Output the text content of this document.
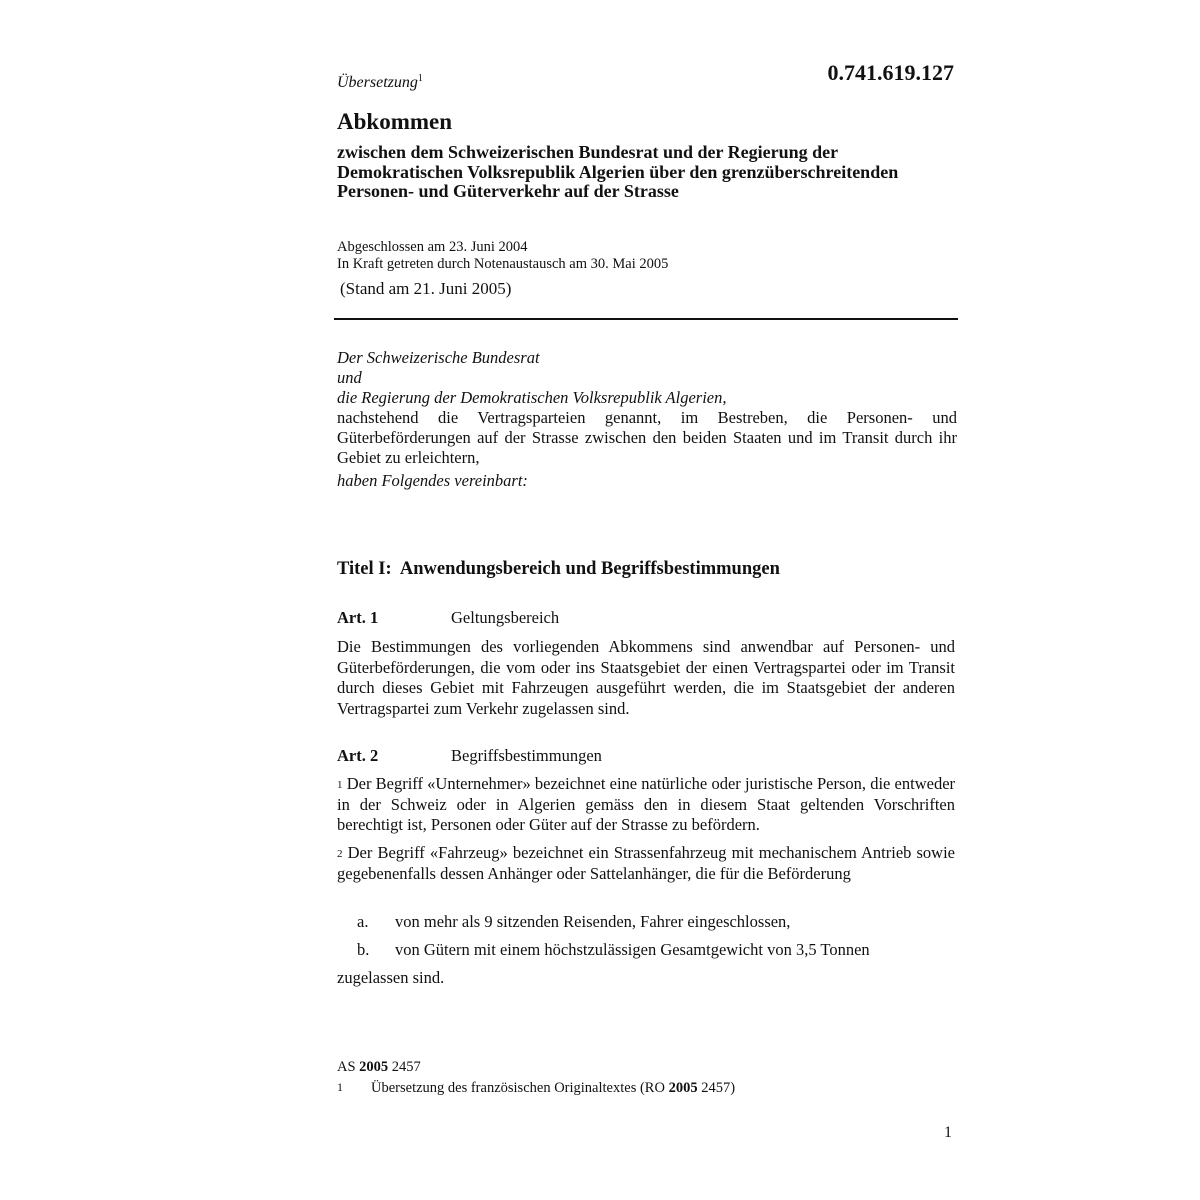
Übersetzung$^1$	0.741.619.127
Abkommen
zwischen dem Schweizerischen Bundesrat und der Regierung der Demokratischen Volksrepublik Algerien über den grenzüberschreitenden Personen- und Güterverkehr auf der Strasse
Abgeschlossen am 23. Juni 2004
In Kraft getreten durch Notenaustausch am 30. Mai 2005
(Stand am 21. Juni 2005)
Der Schweizerische Bundesrat
und
die Regierung der Demokratischen Volksrepublik Algerien,
nachstehend die Vertragsparteien genannt, im Bestreben, die Personen- und Güterbeförderungen auf der Strasse zwischen den beiden Staaten und im Transit durch ihr Gebiet zu erleichtern,
haben Folgendes vereinbart:
Titel I:  Anwendungsbereich und Begriffsbestimmungen
Art. 1	Geltungsbereich
Die Bestimmungen des vorliegenden Abkommens sind anwendbar auf Personen- und Güterbeförderungen, die vom oder ins Staatsgebiet der einen Vertragspartei oder im Transit durch dieses Gebiet mit Fahrzeugen ausgeführt werden, die im Staatsgebiet der anderen Vertragspartei zum Verkehr zugelassen sind.
Art. 2	Begriffsbestimmungen
$^1$ Der Begriff «Unternehmer» bezeichnet eine natürliche oder juristische Person, die entweder in der Schweiz oder in Algerien gemäss den in diesem Staat geltenden Vorschriften berechtigt ist, Personen oder Güter auf der Strasse zu befördern.
$^2$ Der Begriff «Fahrzeug» bezeichnet ein Strassenfahrzeug mit mechanischem Antrieb sowie gegebenenfalls dessen Anhänger oder Sattelanhänger, die für die Beförderung
a. von mehr als 9 sitzenden Reisenden, Fahrer eingeschlossen,
b. von Gütern mit einem höchstzulässigen Gesamtgewicht von 3,5 Tonnen
zugelassen sind.
AS 2005 2457
1 Übersetzung des französischen Originaltextes (RO 2005 2457)
1
